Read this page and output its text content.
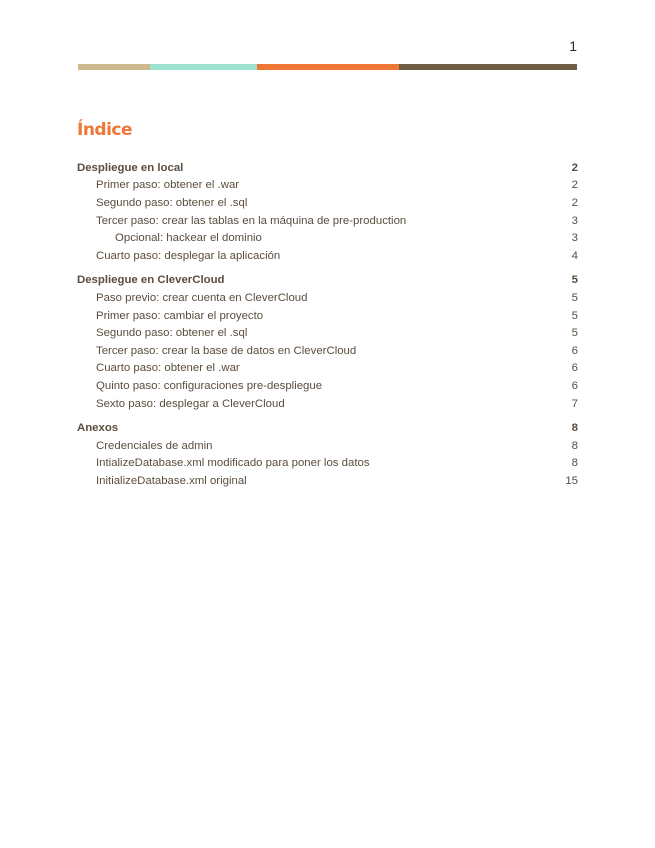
1
Índice
Despliegue en local	2
Primer paso: obtener el .war	2
Segundo paso: obtener el .sql	2
Tercer paso: crear las tablas en la máquina de pre-production	3
Opcional: hackear el dominio	3
Cuarto paso: desplegar la aplicación	4
Despliegue en CleverCloud	5
Paso previo: crear cuenta en CleverCloud	5
Primer paso: cambiar el proyecto	5
Segundo paso: obtener el .sql	5
Tercer paso: crear la base de datos en CleverCloud	6
Cuarto paso: obtener el .war	6
Quinto paso: configuraciones pre-despliegue	6
Sexto paso: desplegar a CleverCloud	7
Anexos	8
Credenciales de admin	8
IntializeDatabase.xml modificado para poner los datos	8
InitializeDatabase.xml original	15
